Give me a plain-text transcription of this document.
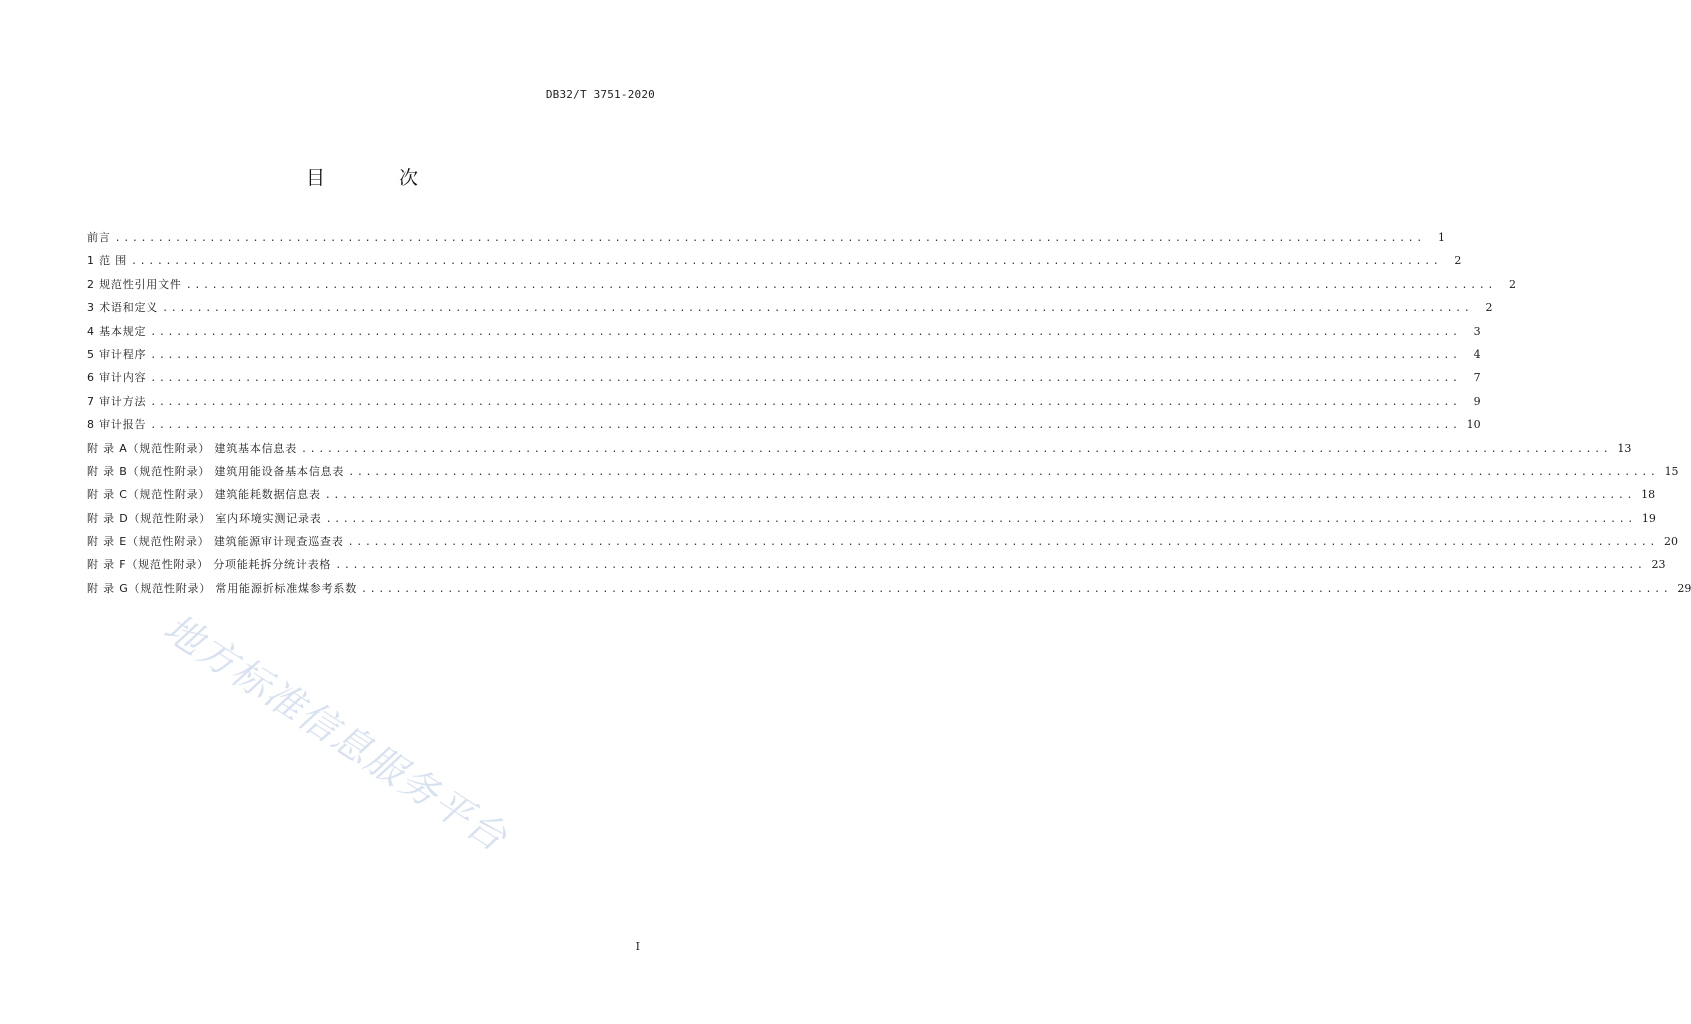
DB32/T 3751-2020
目 次
前言 ........................................................................................................................................................	1
1 范 围 ........................................................................................................................................................	2
2 规范性引用文件 ........................................................................................................................................................	2
3 术语和定义 ........................................................................................................................................................	2
4 基本规定 ........................................................................................................................................................	3
5 审计程序 ........................................................................................................................................................	4
6 审计内容 ........................................................................................................................................................	7
7 审计方法 ........................................................................................................................................................	9
8 审计报告 ........................................................................................................................................................ 10
附 录 A（规范性附录） 建筑基本信息表 ........................................................................................................................................................ 13
附 录 B（规范性附录） 建筑用能设备基本信息表 ........................................................................................................................................................ 15
附 录 C（规范性附录） 建筑能耗数据信息表 ........................................................................................................................................................ 18
附 录 D（规范性附录） 室内环境实测记录表 ........................................................................................................................................................ 19
附 录 E（规范性附录） 建筑能源审计现查巡查表 ........................................................................................................................................................ 20
附 录 F（规范性附录） 分项能耗拆分统计表格 ........................................................................................................................................................ 23
附 录 G（规范性附录） 常用能源折标准煤参考系数 ........................................................................................................................................................ 29
地方标准信息服务平台
I
